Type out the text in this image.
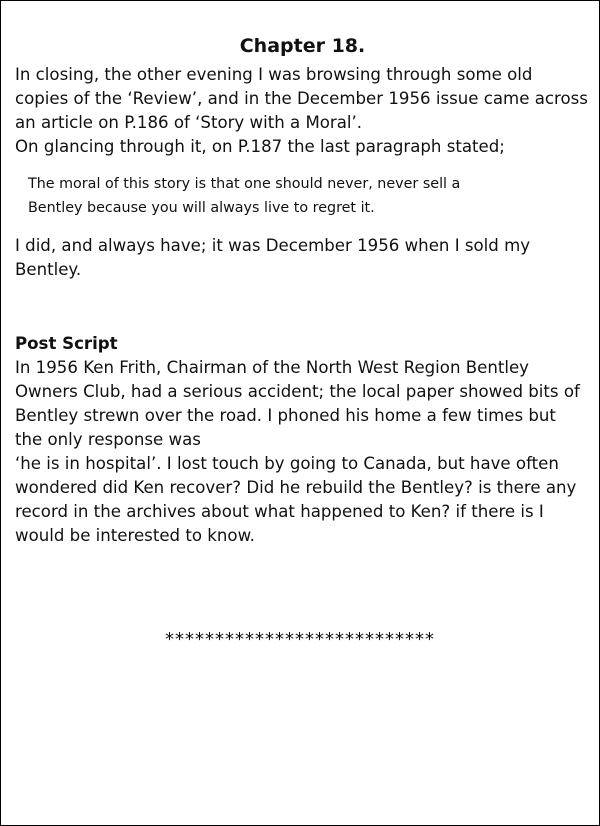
Chapter 18.

In closing, the other evening I was browsing through some old
copies of the ‘Review’, and in the December 1956 issue came across
an article on P.186 of ‘Story with a Moral’.
On glancing through it, on P.187 the last paragraph stated;

The moral of this story is that one should never, never sell a
Bentley because you will always live to regret it.

I did, and always have; it was December 1956 when I sold my
Bentley.

Post Script

In 1956 Ken Frith, Chairman of the North West Region Bentley
Owners Club, had a serious accident; the local paper showed bits of
Bentley strewn over the road. I phoned his home a few times but
the only response was
‘he is in hospital’. I lost touch by going to Canada, but have often
wondered did Ken recover? Did he rebuild the Bentley? is there any
record in the archives about what happened to Ken? if there is I
would be interested to know.

***************************
